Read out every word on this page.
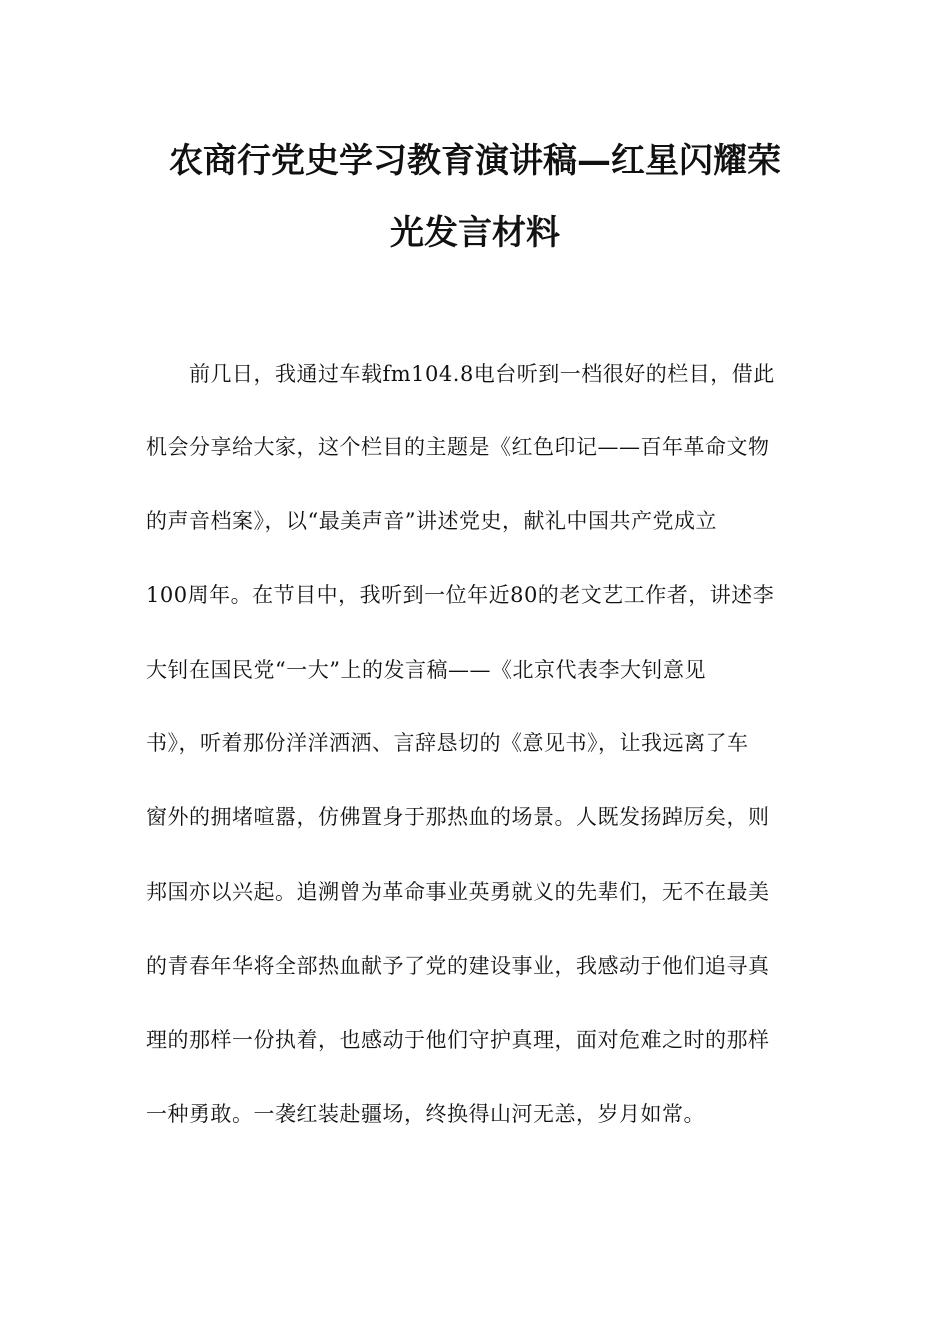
农商行党史学习教育演讲稿—红星闪耀荣
光发言材料

前几日，我通过车载fm104.8电台听到一档很好的栏目，借此

机会分享给大家，这个栏目的主题是《红色印记——百年革命文物

的声音档案》，以“最美声音”讲述党史，献礼中国共产党成立

100周年。在节目中，我听到一位年近80的老文艺工作者，讲述李

大钊在国民党“一大”上的发言稿——《北京代表李大钊意见

书》，听着那份洋洋洒洒、言辞恳切的《意见书》，让我远离了车

窗外的拥堵喧嚣，仿佛置身于那热血的场景。人既发扬踔厉矣，则

邦国亦以兴起。追溯曾为革命事业英勇就义的先辈们，无不在最美

的青春年华将全部热血献予了党的建设事业，我感动于他们追寻真

理的那样一份执着，也感动于他们守护真理，面对危难之时的那样

一种勇敢。一袭红装赴疆场，终换得山河无恙，岁月如常。
